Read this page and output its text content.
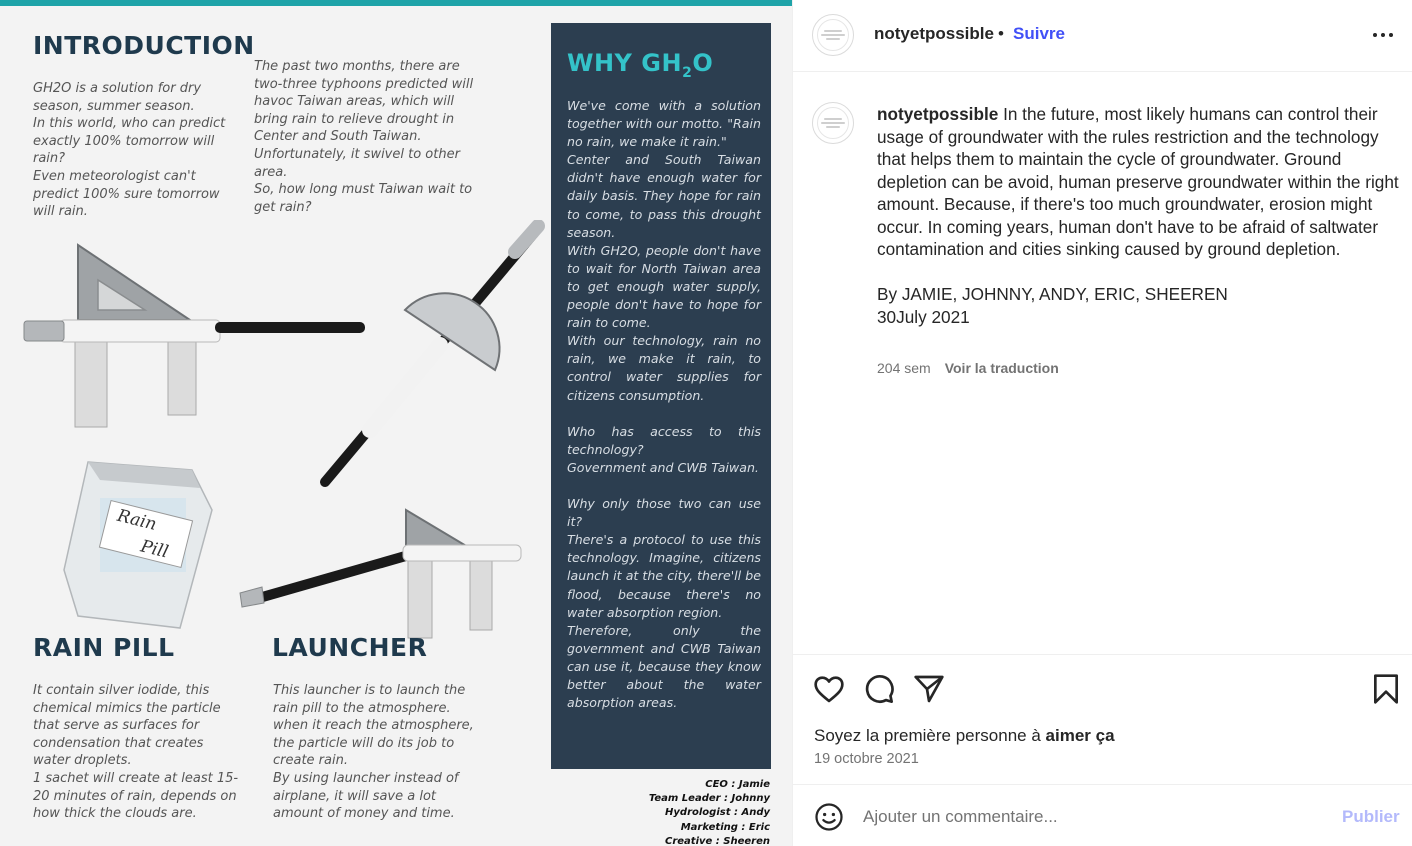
INTRODUCTION
GH2O is a solution for dry
season, summer season.
In this world, who can predict
exactly 100% tomorrow will
rain?
Even meteorologist can't
predict 100% sure tomorrow
will rain.
The past two months, there are
two-three typhoons predicted will
havoc Taiwan areas, which will
bring rain to relieve drought in
Center and South Taiwan.
Unfortunately, it swivel to other
area.
So, how long must Taiwan wait to
get rain?
Rain
Pill
RAIN PILL
It contain silver iodide, this
chemical mimics the particle
that serve as surfaces for
condensation that creates
water droplets.
1 sachet will create at least 15-
20 minutes of rain, depends on
how thick the clouds are.
LAUNCHER
This launcher is to launch the
rain pill to the atmosphere.
when it reach the atmosphere,
the particle will do its job to
create rain.
By using launcher instead of
airplane, it will save a lot
amount of money and time.
WHY $GH_2O$
We've come with a solution together with our motto. "Rain no rain, we make it rain."
Center and South Taiwan didn't have enough water for daily basis. They hope for rain to come, to pass this drought season.
With GH2O, people don't have to wait for North Taiwan area to get enough water supply, people don't have to hope for rain to come.
With our technology, rain no rain, we make it rain, to control water supplies for citizens consumption.

Who has access to this technology?
Government and CWB Taiwan.

Why only those two can use it?
There's a protocol to use this technology. Imagine, citizens launch it at the city, there'll be flood, because there's no water absorption region.
Therefore, only the government and CWB Taiwan can use it, because they know better about the water absorption areas.
CEO : Jamie
Team Leader : Johnny
Hydrologist : Andy
Marketing : Eric
Creative : Sheeren
notyetpossible • Suivre
notyetpossible In the future, most likely humans can control their usage of groundwater with the rules restriction and the technology that helps them to maintain the cycle of groundwater. Ground depletion can be avoid, human preserve groundwater within the right amount. Because, if there's too much groundwater, erosion might occur. In coming years, human don't have to be afraid of saltwater contamination and cities sinking caused by ground depletion.

By JAMIE, JOHNNY, ANDY, ERIC, SHEEREN
30July 2021
204 sem Voir la traduction
Soyez la première personne à aimer ça
19 octobre 2021
Ajouter un commentaire...
Publier
